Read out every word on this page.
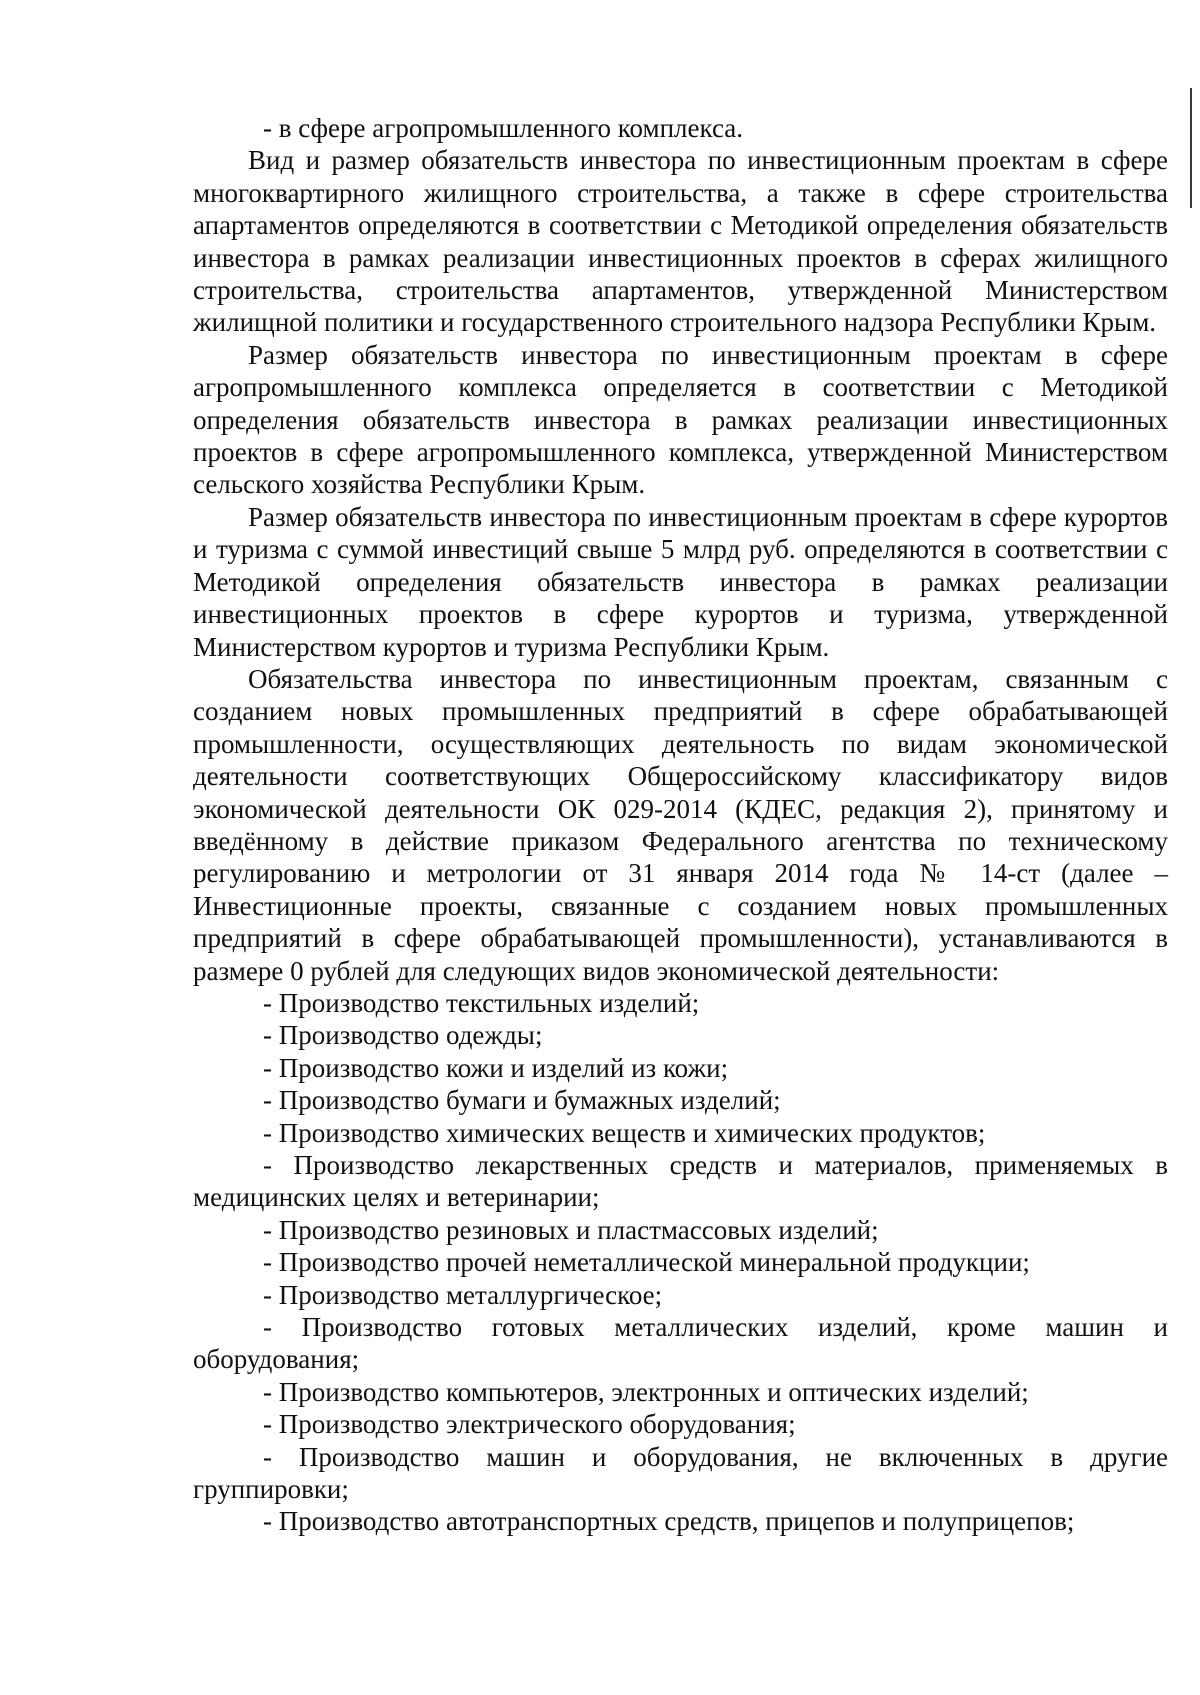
- в сфере агропромышленного комплекса.

Вид и размер обязательств инвестора по инвестиционным проектам в сфере многоквартирного жилищного строительства, а также в сфере строительства апартаментов определяются в соответствии с Методикой определения обязательств инвестора в рамках реализации инвестиционных проектов в сферах жилищного строительства, строительства апартаментов, утвержденной Министерством жилищной политики и государственного строительного надзора Республики Крым.

Размер обязательств инвестора по инвестиционным проектам в сфере агропромышленного комплекса определяется в соответствии с Методикой определения обязательств инвестора в рамках реализации инвестиционных проектов в сфере агропромышленного комплекса, утвержденной Министерством сельского хозяйства Республики Крым.

Размер обязательств инвестора по инвестиционным проектам в сфере курортов и туризма с суммой инвестиций свыше 5 млрд руб. определяются в соответствии с Методикой определения обязательств инвестора в рамках реализации инвестиционных проектов в сфере курортов и туризма, утвержденной Министерством курортов и туризма Республики Крым.

Обязательства инвестора по инвестиционным проектам, связанным с созданием новых промышленных предприятий в сфере обрабатывающей промышленности, осуществляющих деятельность по видам экономической деятельности соответствующих Общероссийскому классификатору видов экономической деятельности ОК 029-2014 (КДЕС, редакция 2), принятому и введённому в действие приказом Федерального агентства по техническому регулированию и метрологии от 31 января 2014 года № 14-ст (далее – Инвестиционные проекты, связанные с созданием новых промышленных предприятий в сфере обрабатывающей промышленности), устанавливаются в размере 0 рублей для следующих видов экономической деятельности:

- Производство текстильных изделий;

- Производство одежды;

- Производство кожи и изделий из кожи;

- Производство бумаги и бумажных изделий;

- Производство химических веществ и химических продуктов;

- Производство лекарственных средств и материалов, применяемых в медицинских целях и ветеринарии;

- Производство резиновых и пластмассовых изделий;

- Производство прочей неметаллической минеральной продукции;

- Производство металлургическое;

- Производство готовых металлических изделий, кроме машин и оборудования;

- Производство компьютеров, электронных и оптических изделий;

- Производство электрического оборудования;

- Производство машин и оборудования, не включенных в другие группировки;

- Производство автотранспортных средств, прицепов и полуприцепов;
